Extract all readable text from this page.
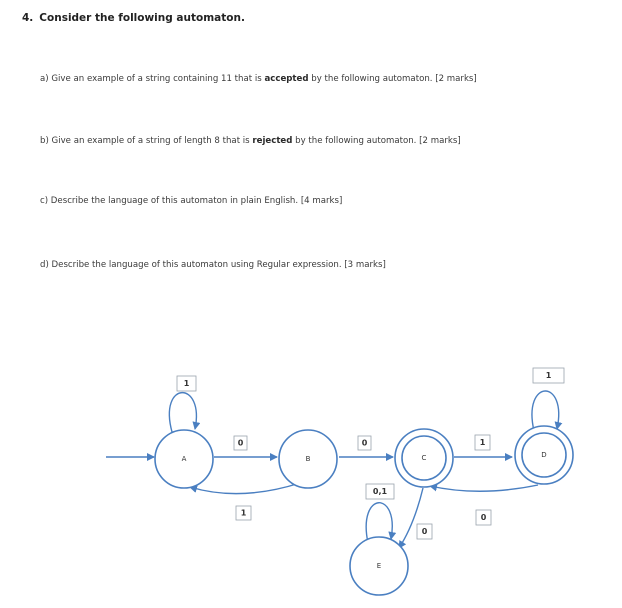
4. Consider the following automaton.
a) Give an example of a string containing 11 that is accepted by the following automaton. [2 marks]
b) Give an example of a string of length 8 that is rejected by the following automaton. [2 marks]
c) Describe the language of this automaton in plain English. [4 marks]
d) Describe the language of this automaton using Regular expression. [3 marks]
A	B	C	D
E
1
0
1
0
0,1
0
1
0
1
